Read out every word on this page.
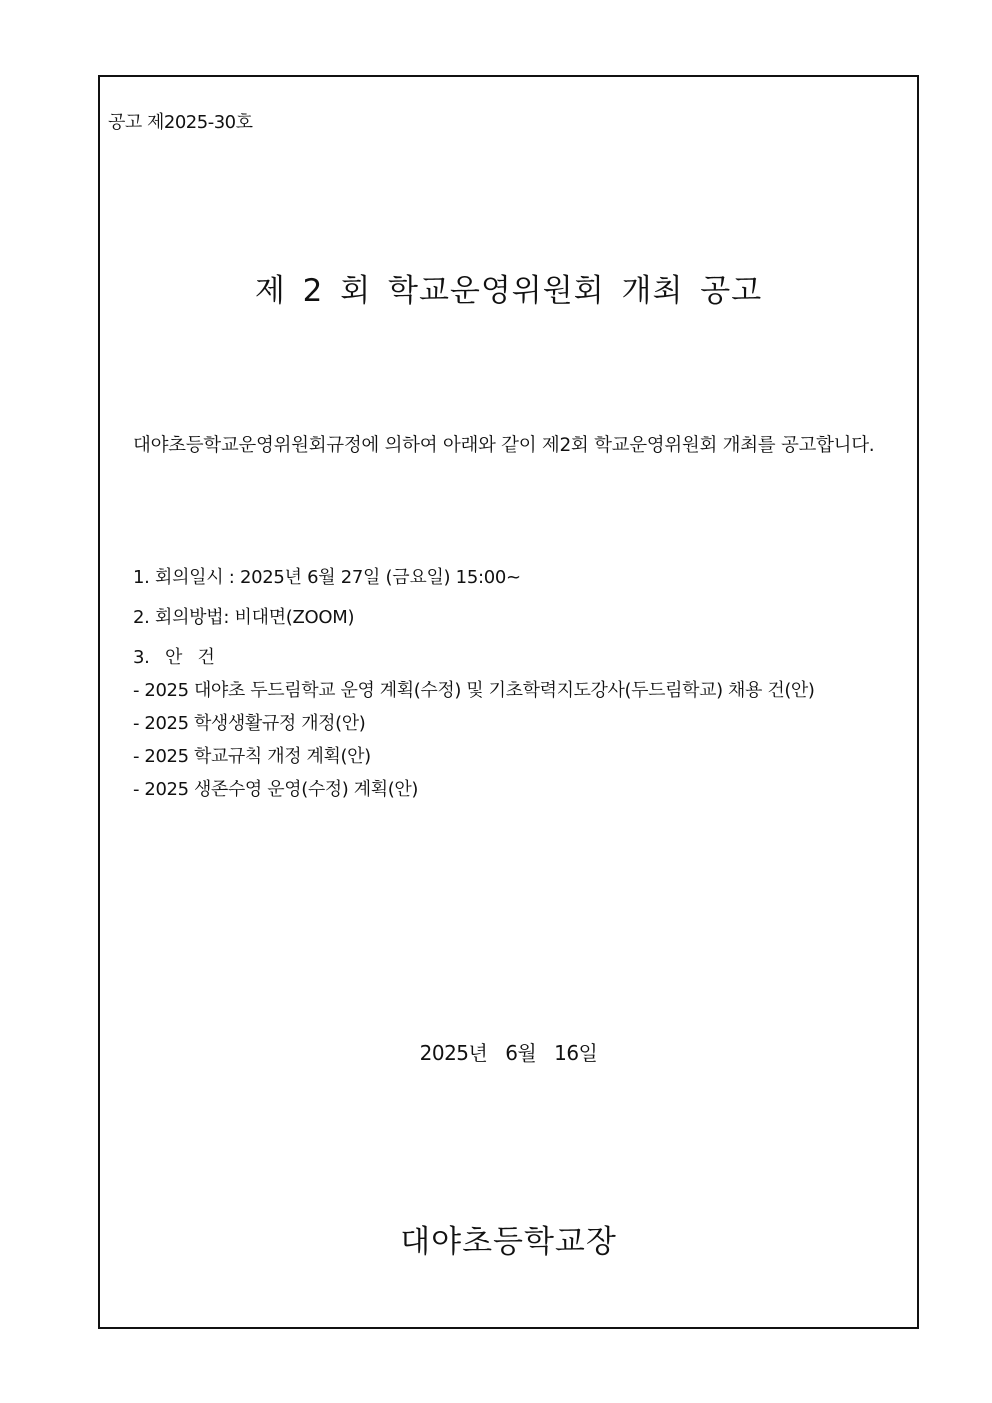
공고 제2025-30호
제 2 회 학교운영위원회 개최 공고
대야초등학교운영위원회규정에 의하여 아래와 같이 제2회 학교운영위원회 개최를 공고합니다.
1. 회의일시 : 2025년 6월 27일 (금요일) 15:00~
2. 회의방법: 비대면(ZOOM)
3. 안 건
- 2025 대야초 두드림학교 운영 계획(수정) 및 기초학력지도강사(두드림학교) 채용 건(안)
- 2025 학생생활규정 개정(안)
- 2025 학교규칙 개정 계획(안)
- 2025 생존수영 운영(수정) 계획(안)
2025년 6월 16일
대야초등학교장
